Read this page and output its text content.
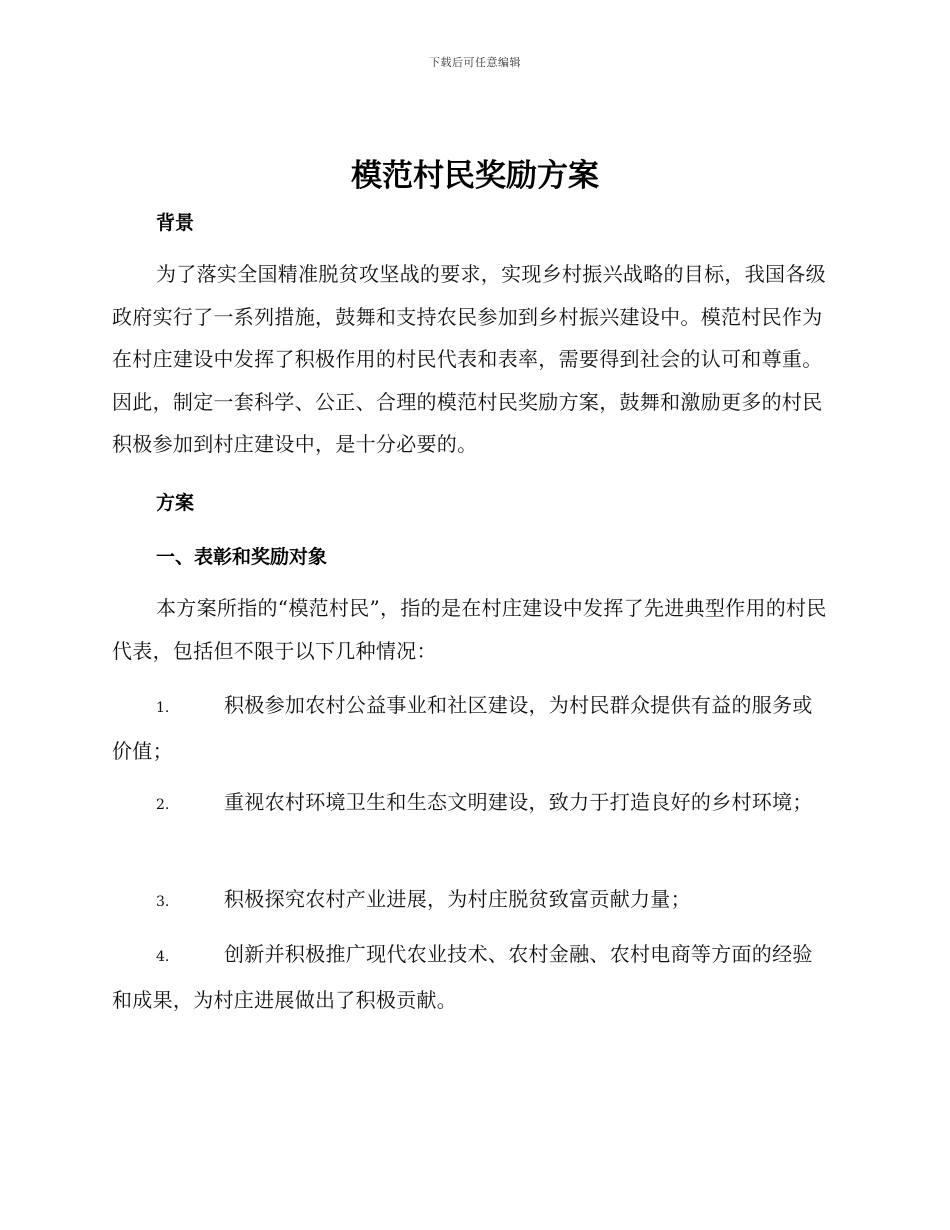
下载后可任意编辑
模范村民奖励方案
背景

为了落实全国精准脱贫攻坚战的要求，实现乡村振兴战略的目标，我国各级政府实行了一系列措施，鼓舞和支持农民参加到乡村振兴建设中。模范村民作为在村庄建设中发挥了积极作用的村民代表和表率，需要得到社会的认可和尊重。因此，制定一套科学、公正、合理的模范村民奖励方案，鼓舞和激励更多的村民积极参加到村庄建设中，是十分必要的。

方案
一、表彰和奖励对象

本方案所指的“模范村民”，指的是在村庄建设中发挥了先进典型作用的村民代表，包括但不限于以下几种情况：

1.	积极参加农村公益事业和社区建设，为村民群众提供有益的服务或价值；

2.	重视农村环境卫生和生态文明建设，致力于打造良好的乡村环境；

3.	积极探究农村产业进展，为村庄脱贫致富贡献力量；

4.	创新并积极推广现代农业技术、农村金融、农村电商等方面的经验和成果，为村庄进展做出了积极贡献。
